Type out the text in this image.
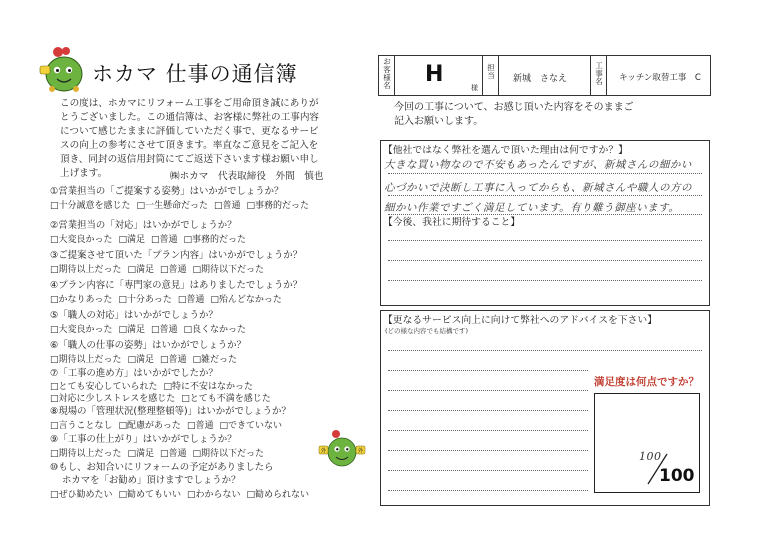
ホカマ 仕事の通信簿
この度は、ホカマにリフォーム工事をご用命頂き誠にありが
とうございました。この通信簿は、お客様に弊社の工事内容
について感じたままに評価していただく事で、更なるサービ
スの向上の参考にさせて頂きます。率直なご意見をご記入を
頂き、同封の返信用封筒にてご返送下さいます様お願い申し
上げます。	㈱ホカマ　代表取締役　外間　慎也
①営業担当の「ご提案する姿勢」はいかがでしょうか？
□十分誠意を感じた □一生懸命だった □普通 □事務的だった
②営業担当の「対応」はいかがでしょうか？
□大変良かった □満足 □普通 □事務的だった
③ご提案させて頂いた「プラン内容」はいかがでしょうか？
□期待以上だった □満足 □普通 □期待以下だった
④プラン内容に「専門家の意見」はありましたでしょうか？
□かなりあった □十分あった □普通 □殆んどなかった
⑤「職人の対応」はいかがでしょうか？
□大変良かった □満足 □普通 □良くなかった
⑥「職人の仕事の姿勢」はいかがでしょうか？
□期待以上だった □満足 □普通 □雑だった
⑦「工事の進め方」はいかがでしたか？
□とても安心していられた □特に不安はなかった
□対応に少しストレスを感じた □とても不満を感じた
⑧現場の「管理状況(整理整頓等)」はいかがでしょうか？
□言うことなし □配慮があった □普通 □できていない
⑨「工事の仕上がり」はいかがでしょうか？
□期待以上だった □満足 □普通 □期待以下だった
⑩もし、お知合いにリフォームの予定がありましたら
ホカマを「お勧め」頂けますでしょうか？
□ぜひ勧めたい □勧めてもいい □わからない □勧められない
外	外
お
客
様
名 H
様
担
当 新城　さなえ
工
事
名 キッチン取替工事　C
今回の工事について、お感じ頂いた内容をそのままご
記入お願いします。
【他社ではなく弊社を選んで頂いた理由は何ですか？】
大きな買い物なので不安もあったんですが、新城さんの細かい
心づかいで決断し工事に入ってからも、新城さんや職人の方の
細かい作業ですごく満足しています。有り難う御座います。
【今後、我社に期待すること】
【更なるサービス向上に向けて弊社へのアドバイスを下さい】
(どの様な内容でも結構です)
満足度は何点ですか？
100
100
